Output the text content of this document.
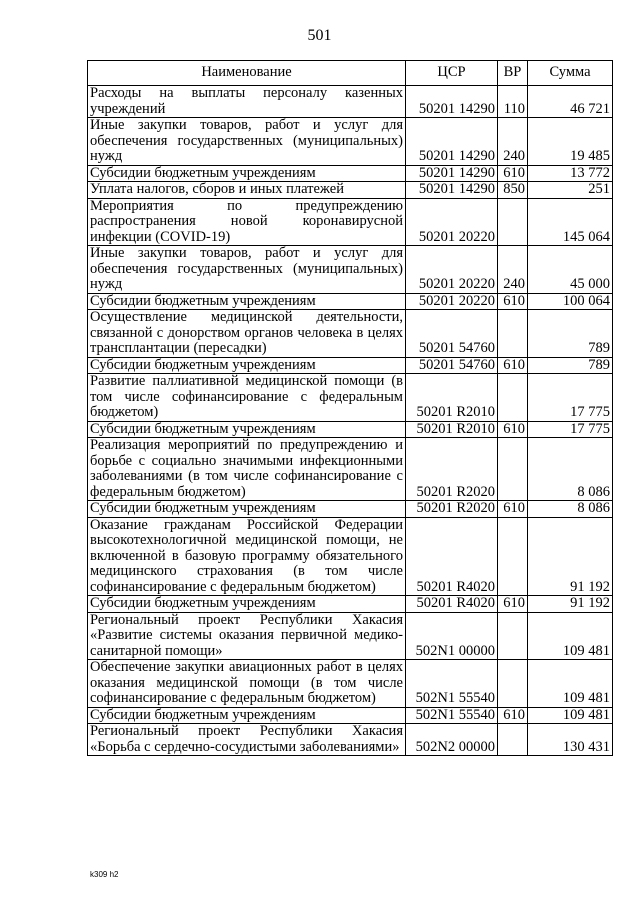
501
Наименование	ЦСР	ВР	Сумма
Расходы на выплаты персоналу казенных учреждений	50201 14290	110	46 721
Иные закупки товаров, работ и услуг для обеспечения государственных (муниципальных) нужд	50201 14290	240	19 485
Субсидии бюджетным учреждениям	50201 14290	610	13 772
Уплата налогов, сборов и иных платежей	50201 14290	850	251
Мероприятия по предупреждению распространения новой коронавирусной инфекции (COVID-19)	50201 20220		145 064
Иные закупки товаров, работ и услуг для обеспечения государственных (муниципальных) нужд	50201 20220	240	45 000
Субсидии бюджетным учреждениям	50201 20220	610	100 064
Осуществление медицинской деятельности, связанной с донорством органов человека в целях трансплантации (пересадки)	50201 54760		789
Субсидии бюджетным учреждениям	50201 54760	610	789
Развитие паллиативной медицинской помощи (в том числе софинансирование с федеральным бюджетом)	50201 R2010		17 775
Субсидии бюджетным учреждениям	50201 R2010	610	17 775
Реализация мероприятий по предупреждению и борьбе с социально значимыми инфекционными заболеваниями (в том числе софинансирование с федеральным бюджетом)	50201 R2020		8 086
Субсидии бюджетным учреждениям	50201 R2020	610	8 086
Оказание гражданам Российской Федерации высокотехнологичной медицинской помощи, не включенной в базовую программу обязательного медицинского страхования (в том числе софинансирование с федеральным бюджетом)	50201 R4020		91 192
Субсидии бюджетным учреждениям	50201 R4020	610	91 192
Региональный проект Республики Хакасия «Развитие системы оказания первичной медико-санитарной помощи»	502N1 00000		109 481
Обеспечение закупки авиационных работ в целях оказания медицинской помощи (в том числе софинансирование с федеральным бюджетом)	502N1 55540		109 481
Субсидии бюджетным учреждениям	502N1 55540	610	109 481
Региональный проект Республики Хакасия «Борьба с сердечно-сосудистыми заболеваниями»	502N2 00000		130 431
k309 h2
